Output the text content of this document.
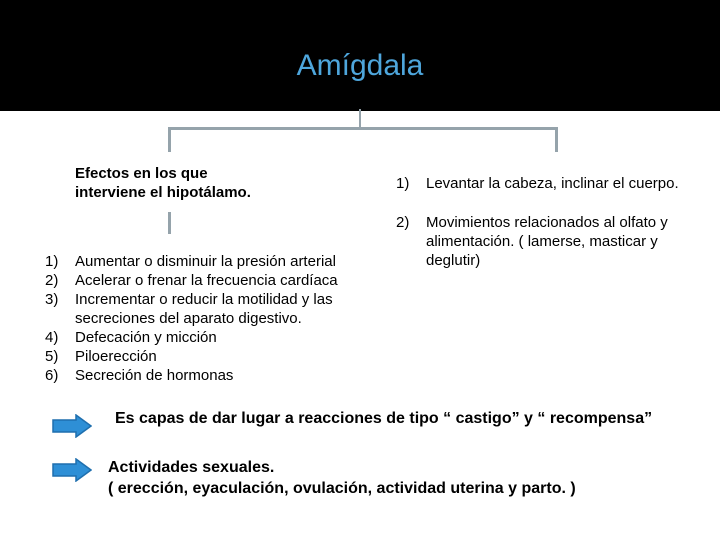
Amígdala
Efectos en los que interviene el hipotálamo.
1) Aumentar o disminuir la presión arterial
2) Acelerar o frenar la frecuencia cardíaca
3) Incrementar o reducir la motilidad y las secreciones del aparato digestivo.
4) Defecación y micción
5) Piloerección
6) Secreción de hormonas
1) Levantar la cabeza, inclinar el cuerpo.
2) Movimientos relacionados al olfato y alimentación. ( lamerse, masticar y deglutir)
Es capas de dar lugar a reacciones de tipo “ castigo” y “ recompensa”
Actividades sexuales.
( erección, eyaculación, ovulación, actividad uterina y parto. )
